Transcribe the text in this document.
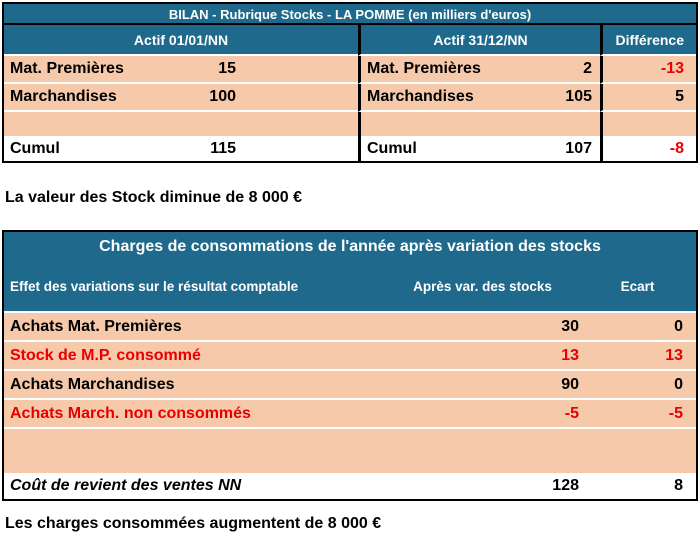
BILAN - Rubrique Stocks - LA POMME (en milliers d'euros)
Actif 01/01/NN	Actif 31/12/NN	Différence
Mat. Premières	15	Mat. Premières	2	-13
Marchandises	100	Marchandises	105	5
Cumul	115	Cumul	107	-8
La valeur des Stock diminue de 8 000 €
Charges de consommations de l'année après variation des stocks
Effet des variations sur le résultat comptable	Après var. des stocks	Ecart
Achats Mat. Premières	30	0
Stock de M.P. consommé	13	13
Achats Marchandises	90	0
Achats March. non consommés	-5	-5
Coût de revient des ventes NN	128	8
Les charges consommées augmentent de 8 000 €
